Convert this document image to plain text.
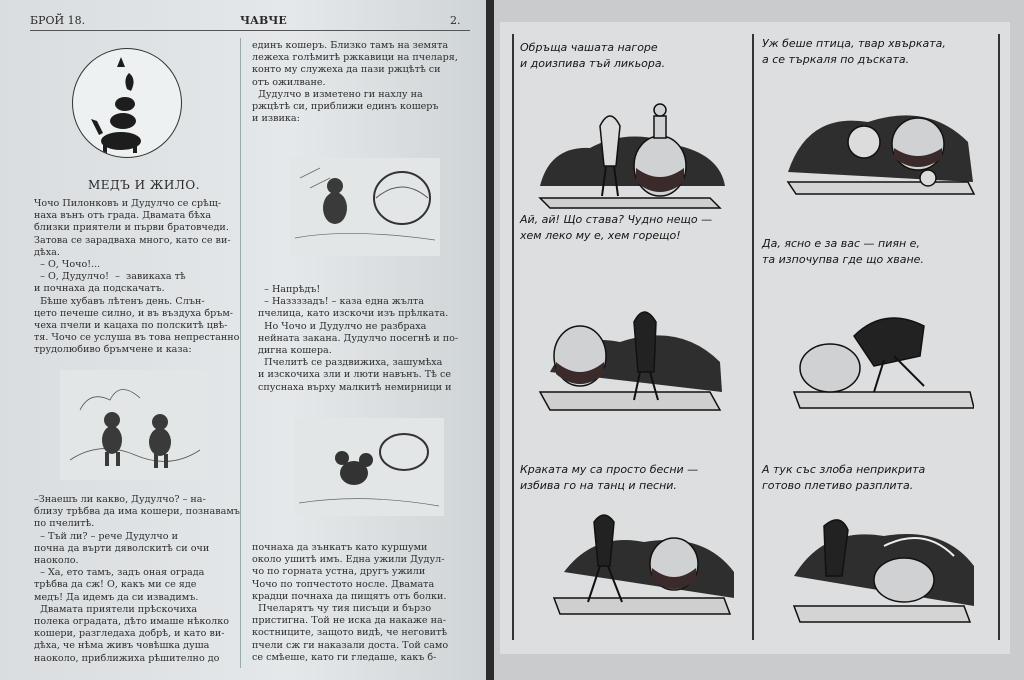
БРОЙ 18.	ЧАВЧЕ	2.
МЕДЪ И ЖИЛО.
Чочо Пилонковъ и Дудулчо се срѣщ-
наха вънъ отъ града. Двамата бѣха
близки приятели и първи братовчеди.
Затова се зарадваха много, като се ви-
дѣха.
– О, Чочо!...
– О, Дудулчо!  –  завикаха тѣ
и почнаха да подскачатъ.
Бѣше хубавъ лѣтенъ день. Слън-
цето печеше силно, и въ въздуха бръм-
чеха пчели и кацаха по полскитѣ цвѣ-
тя. Чочо се услуша въ това непрестанно
трудолюбиво бръмчене и каза:
–Знаешъ ли какво, Дудулчо? – на-
близу трѣбва да има кошери, познавамъ
по пчелитѣ.
– Тъй ли? – рече Дудулчо и
почна да върти дяволскитѣ си очи
наоколо.
– Ха, ето тамъ, задъ оная ограда
трѣбва да сж! О, какъ ми се яде
медъ! Да идемъ да си извадимъ.
Двамата приятели прѣскочиха
полека оградата, дѣто имаше нѣколко
кошери, разгледаха добрѣ, и като ви-
дѣха, че нѣма живъ човѣшка душа
наоколо, приближиха рѣшително до
единъ кошеръ. Близко тамъ на земята
лежеха голѣмитѣ ржкавици на пчеларя,
конто му служеха да пази ржцѣтѣ си
отъ ожилване.
Дудулчо в изметено ги нахлу на
ржцѣтѣ си, приближи единъ кошеръ
и извика:
– Напрѣдъ!
– Наззззадъ! – каза една жълта
пчелица, като изскочи изъ прѣлката.
Но Чочо и Дудулчо не разбраха
нейната заканa. Дудулчо посегнѣ и по-
дигна кошера.
Пчелитѣ се раздвижиха, зашумѣха
и изскочиха зли и люти навънъ. Тѣ се
спуснаха върху малкитѣ немирници и
почнаха да зънкатъ като куршуми
около ушитѣ имъ. Една ужили Дудул-
чо по горната устна, другъ ужили
Чочо по топчестото носле. Двамата
крадци почнаха да пищятъ отъ болки.
Пчеларятъ чу тия писъци и бързо
пристигна. Той не иска да накаже на-
костниците, защото видѣ, че неговитѣ
пчели сж ги наказали доста. Той само
се смѣеше, като ги гледаше, какъ б-
Обръща чашата нагоре
и доизпива тъй ликьора.
Уж беше птица, твар хвърката,
а се търкаля по дъската.
Ай, ай! Що става? Чудно нещо —
хем леко му е, хем горещо!
Да, ясно е за вас — пиян е,
та изпочупва где що хване.
Краката му са просто бесни —
избива го на танц и песни.
А тук със злоба неприкрита
готово плетиво разплита.
